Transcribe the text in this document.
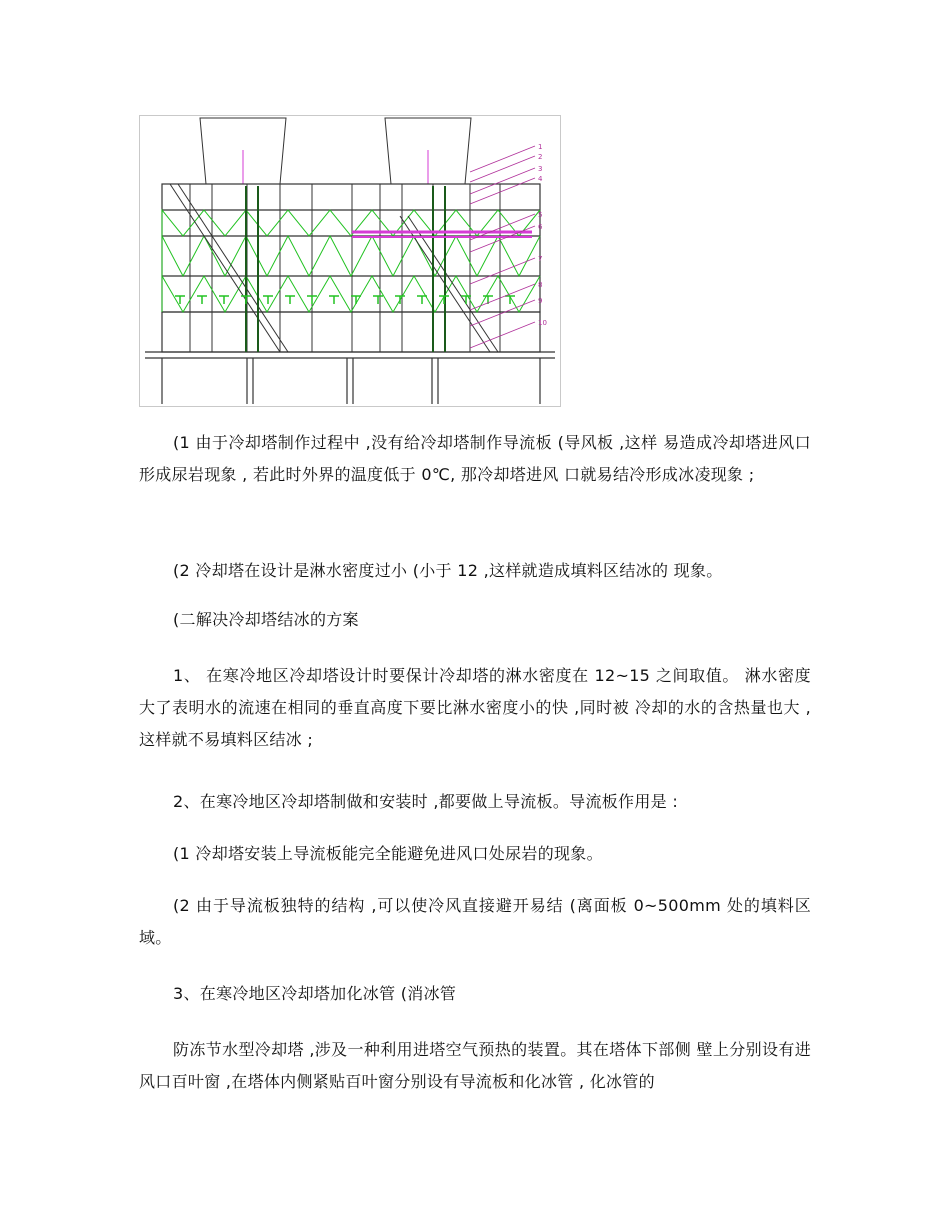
1
2
3
4
5
6
7
8
9
10
(1 由于冷却塔制作过程中 ,没有给冷却塔制作导流板 (导风板 ,这样 易造成冷却塔进风口形成尿岩现象 , 若此时外界的温度低于 0℃, 那冷却塔进风 口就易结冷形成冰凌现象 ;
(2 冷却塔在设计是淋水密度过小 (小于 12 ,这样就造成填料区结冰的 现象。
(二解决冷却塔结冰的方案
1、 在寒冷地区冷却塔设计时要保计冷却塔的淋水密度在 12~15 之间取值。 淋水密度大了表明水的流速在相同的垂直高度下要比淋水密度小的快 ,同时被 冷却的水的含热量也大 ,这样就不易填料区结冰 ;
2、在寒冷地区冷却塔制做和安装时 ,都要做上导流板。导流板作用是 :
(1 冷却塔安装上导流板能完全能避免进风口处尿岩的现象。
(2 由于导流板独特的结构 ,可以使冷风直接避开易结 (离面板 0~500mm 处的填料区域。
3、在寒冷地区冷却塔加化冰管 (消冰管
防冻节水型冷却塔 ,涉及一种利用进塔空气预热的装置。其在塔体下部侧 壁上分别设有进风口百叶窗 ,在塔体内侧紧贴百叶窗分别设有导流板和化冰管 , 化冰管的
